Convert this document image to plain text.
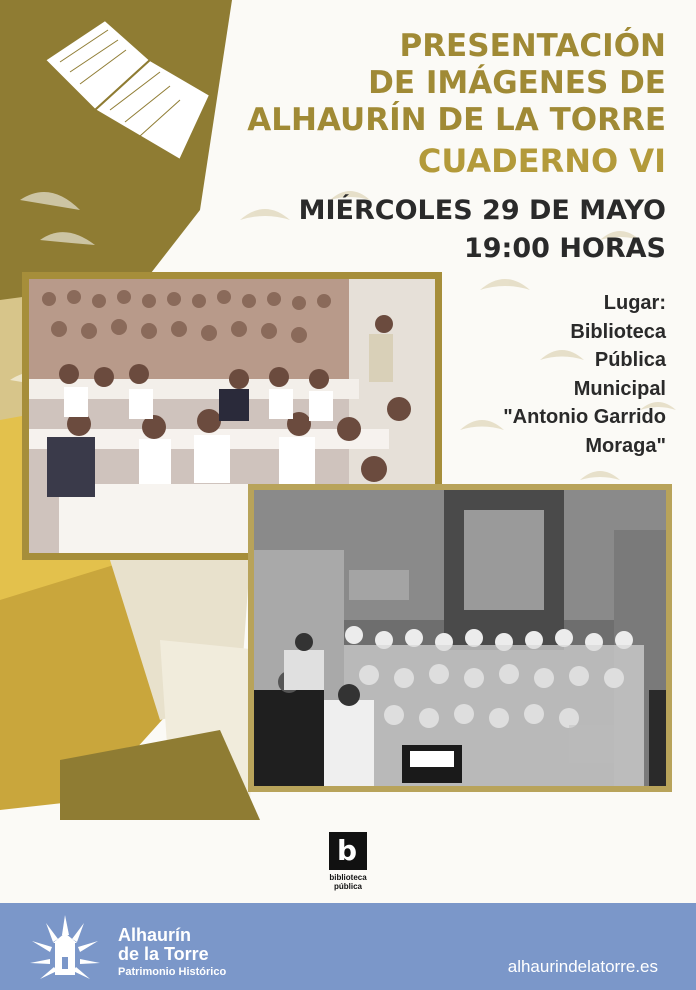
PRESENTACIÓN
DE IMÁGENES DE
ALHAURÍN DE LA TORRE
CUADERNO VI
MIÉRCOLES 29 DE MAYO
19:00 HORAS
Lugar:
Biblioteca
Pública
Municipal
"Antonio Garrido
Moraga"
b
biblioteca
pública
Alhaurín
de la Torre
Patrimonio Histórico	alhaurindelatorre.es
